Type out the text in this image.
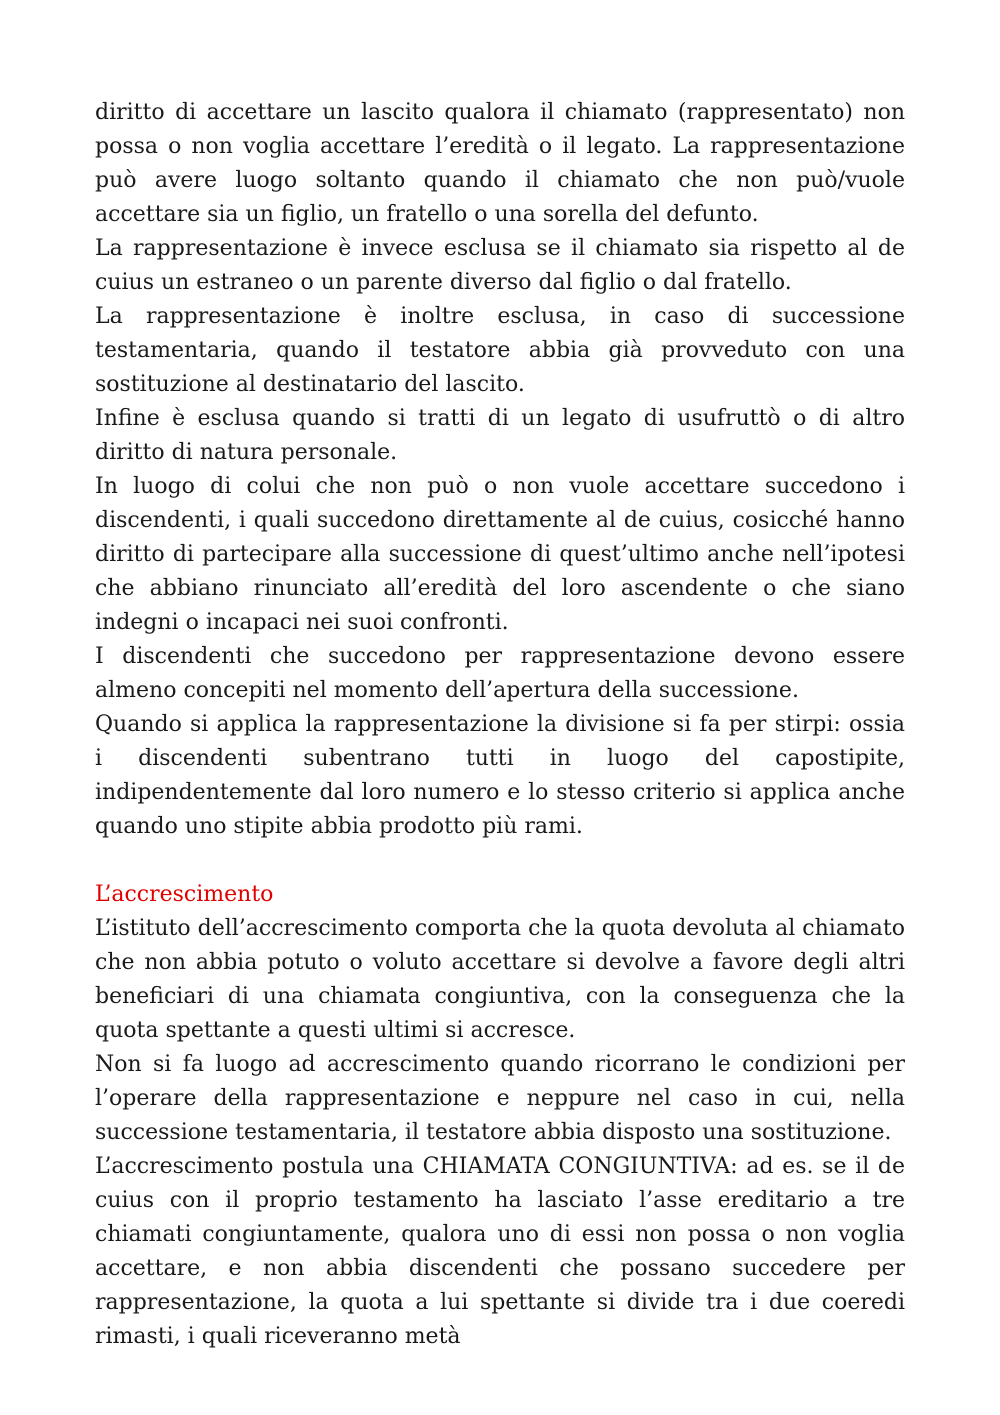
diritto di accettare un lascito qualora il chiamato (rappresentato) non possa o non voglia accettare l’eredità o il legato. La rappresentazione può avere luogo soltanto quando il chiamato che non può/vuole accettare sia un figlio, un fratello o una sorella del defunto.

La rappresentazione è invece esclusa se il chiamato sia rispetto al de cuius un estraneo o un parente diverso dal figlio o dal fratello.

La rappresentazione è inoltre esclusa, in caso di successione testamentaria, quando il testatore abbia già provveduto con una sostituzione al destinatario del lascito.

Infine è esclusa quando si tratti di un legato di usufruttò o di altro diritto di natura personale.

In luogo di colui che non può o non vuole accettare succedono i discendenti, i quali succedono direttamente al de cuius, cosicché hanno diritto di partecipare alla successione di quest’ultimo anche nell’ipotesi che abbiano rinunciato all’eredità del loro ascendente o che siano indegni o incapaci nei suoi confronti.

I discendenti che succedono per rappresentazione devono essere almeno concepiti nel momento dell’apertura della successione.

Quando si applica la rappresentazione la divisione si fa per stirpi: ossia i discendenti subentrano tutti in luogo del capostipite, indipendentemente dal loro numero e lo stesso criterio si applica anche quando uno stipite abbia prodotto più rami.

L’accrescimento

L’istituto dell’accrescimento comporta che la quota devoluta al chiamato che non abbia potuto o voluto accettare si devolve a favore degli altri beneficiari di una chiamata congiuntiva, con la conseguenza che la quota spettante a questi ultimi si accresce.

Non si fa luogo ad accrescimento quando ricorrano le condizioni per l’operare della rappresentazione e neppure nel caso in cui, nella successione testamentaria, il testatore abbia disposto una sostituzione.

L’accrescimento postula una CHIAMATA CONGIUNTIVA: ad es. se il de cuius con il proprio testamento ha lasciato l’asse ereditario a tre chiamati congiuntamente, qualora uno di essi non possa o non voglia accettare, e non abbia discendenti che possano succedere per rappresentazione, la quota a lui spettante si divide tra i due coeredi rimasti, i quali riceveranno metà
